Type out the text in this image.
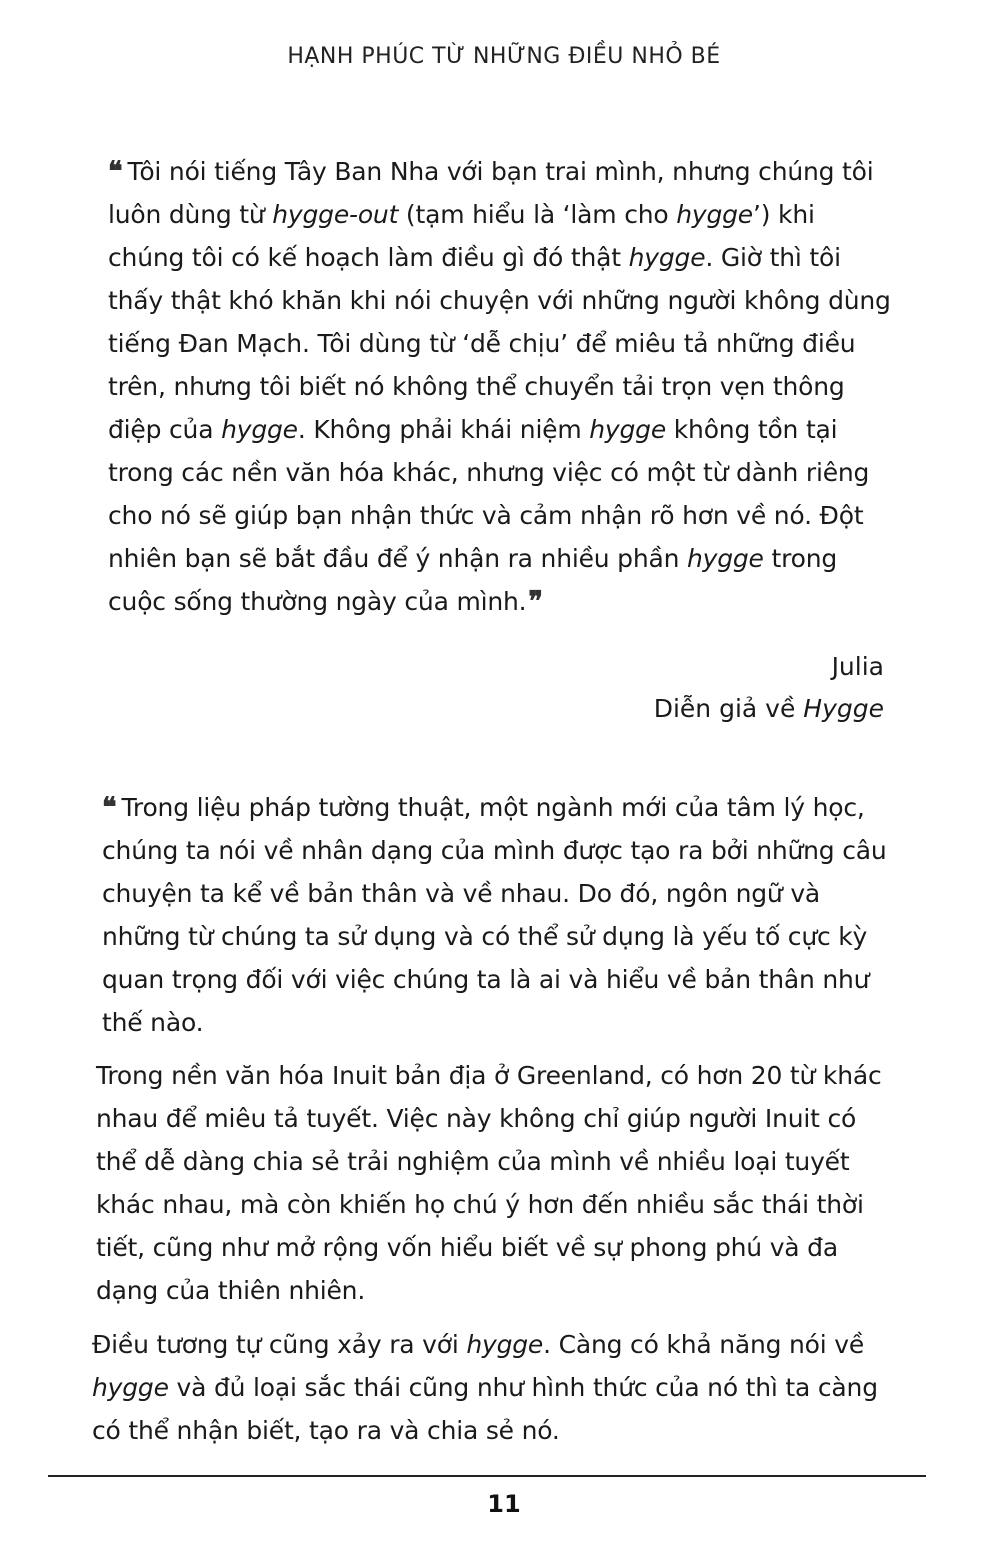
HẠNH PHÚC TỪ NHỮNG ĐIỀU NHỎ BÉ

❝ Tôi nói tiếng Tây Ban Nha với bạn trai mình, nhưng chúng tôi luôn dùng từ hygge-out (tạm hiểu là ‘làm cho hygge’) khi chúng tôi có kế hoạch làm điều gì đó thật hygge. Giờ thì tôi thấy thật khó khăn khi nói chuyện với những người không dùng tiếng Đan Mạch. Tôi dùng từ ‘dễ chịu’ để miêu tả những điều trên, nhưng tôi biết nó không thể chuyển tải trọn vẹn thông điệp của hygge. Không phải khái niệm hygge không tồn tại trong các nền văn hóa khác, nhưng việc có một từ dành riêng cho nó sẽ giúp bạn nhận thức và cảm nhận rõ hơn về nó. Đột nhiên bạn sẽ bắt đầu để ý nhận ra nhiều phần hygge trong cuộc sống thường ngày của mình.❞

Julia
Diễn giả về Hygge

❝ Trong liệu pháp tường thuật, một ngành mới của tâm lý học, chúng ta nói về nhân dạng của mình được tạo ra bởi những câu chuyện ta kể về bản thân và về nhau. Do đó, ngôn ngữ và những từ chúng ta sử dụng và có thể sử dụng là yếu tố cực kỳ quan trọng đối với việc chúng ta là ai và hiểu về bản thân như thế nào.

Trong nền văn hóa Inuit bản địa ở Greenland, có hơn 20 từ khác nhau để miêu tả tuyết. Việc này không chỉ giúp người Inuit có thể dễ dàng chia sẻ trải nghiệm của mình về nhiều loại tuyết khác nhau, mà còn khiến họ chú ý hơn đến nhiều sắc thái thời tiết, cũng như mở rộng vốn hiểu biết về sự phong phú và đa dạng của thiên nhiên.

Điều tương tự cũng xảy ra với hygge. Càng có khả năng nói về hygge và đủ loại sắc thái cũng như hình thức của nó thì ta càng có thể nhận biết, tạo ra và chia sẻ nó.

11
